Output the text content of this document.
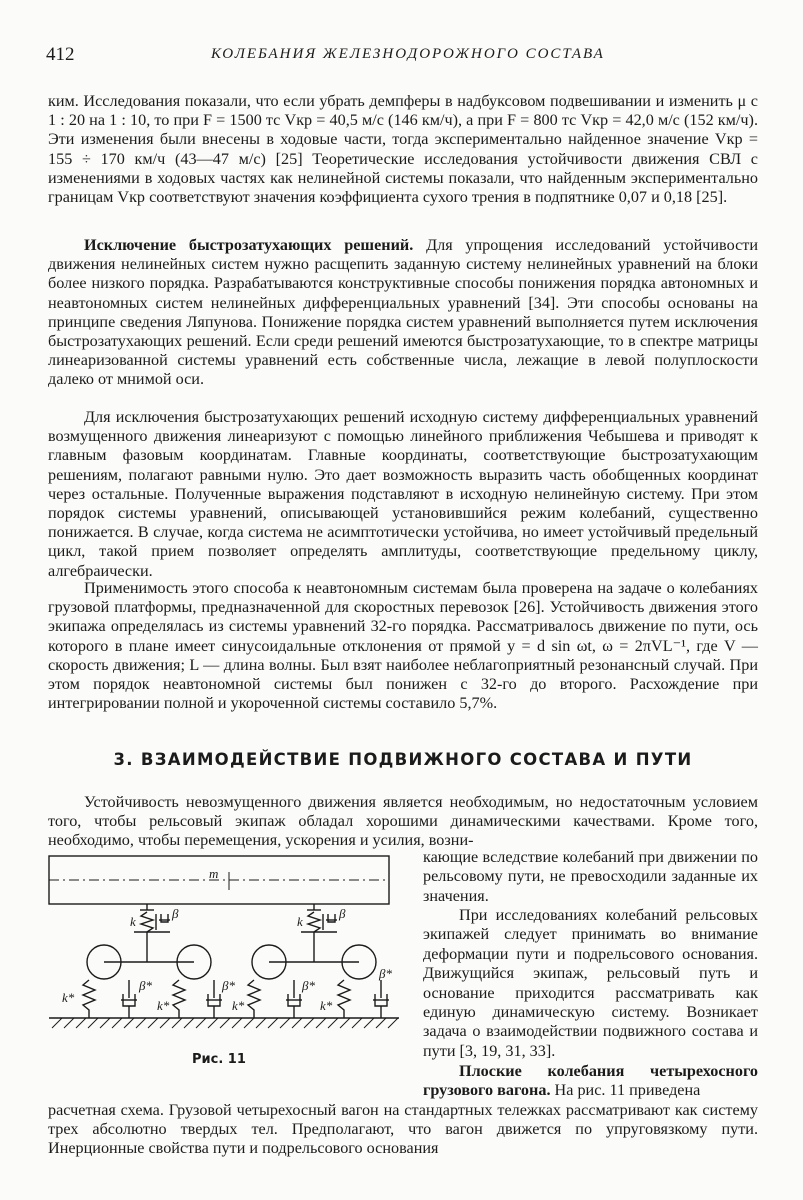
412	КОЛЕБАНИЯ ЖЕЛЕЗНОДОРОЖНОГО СОСТАВА

ким. Исследования показали, что если убрать демпферы в надбуксовом подвешивании и изменить μ с 1 : 20 на 1 : 10, то при F = 1500 тс Vкр = 40,5 м/с (146 км/ч), а при F = 800 тс Vкр = 42,0 м/с (152 км/ч). Эти изменения были внесены в ходовые части, тогда экспериментально найденное значение Vкр = 155 ÷ 170 км/ч (43—47 м/с) [25] Теоретические исследования устойчивости движения СВЛ с изменениями в ходовых частях как нелинейной системы показали, что найденным экспериментально границам Vкр соответствуют значения коэффициента сухого трения в подпятнике 0,07 и 0,18 [25].

Исключение быстрозатухающих решений. Для упрощения исследований устойчивости движения нелинейных систем нужно расщепить заданную систему нелинейных уравнений на блоки более низкого порядка. Разрабатываются конструктивные способы понижения порядка автономных и неавтономных систем нелинейных дифференциальных уравнений [34]. Эти способы основаны на принципе сведения Ляпунова. Понижение порядка систем уравнений выполняется путем исключения быстрозатухающих решений. Если среди решений имеются быстрозатухающие, то в спектре матрицы линеаризованной системы уравнений есть собственные числа, лежащие в левой полуплоскости далеко от мнимой оси.

Для исключения быстрозатухающих решений исходную систему дифференциальных уравнений возмущенного движения линеаризуют с помощью линейного приближения Чебышева и приводят к главным фазовым координатам. Главные координаты, соответствующие быстрозатухающим решениям, полагают равными нулю. Это дает возможность выразить часть обобщенных координат через остальные. Полученные выражения подставляют в исходную нелинейную систему. При этом порядок системы уравнений, описывающей установившийся режим колебаний, существенно понижается. В случае, когда система не асимптотически устойчива, но имеет устойчивый предельный цикл, такой прием позволяет определять амплитуды, соответствующие предельному циклу, алгебраически.

Применимость этого способа к неавтономным системам была проверена на задаче о колебаниях грузовой платформы, предназначенной для скоростных перевозок [26]. Устойчивость движения этого экипажа определялась из системы уравнений 32-го порядка. Рассматривалось движение по пути, ось которого в плане имеет синусоидальные отклонения от прямой y = d sin ωt, ω = 2πVL⁻¹, где V — скорость движения; L — длина волны. Был взят наиболее неблагоприятный резонансный случай. При этом порядок неавтономной системы был понижен с 32-го до второго. Расхождение при интегрировании полной и укороченной системы составило 5,7%.

3. ВЗАИМОДЕЙСТВИЕ ПОДВИЖНОГО СОСТАВА И ПУТИ

Устойчивость невозмущенного движения является необходимым, но недостаточным условием того, чтобы рельсовый экипаж обладал хорошими динамическими качествами. Кроме того, необходимо, чтобы перемещения, ускорения и усилия, возни-

m
k
β
k
β
k*
β*
k*
β*
k*
β*
k*
β*
Рис. 11

кающие вследствие колебаний при движении по рельсовому пути, не превосходили заданные их значения.

При исследованиях колебаний рельсовых экипажей следует принимать во внимание деформации пути и подрельсового основания. Движущийся экипаж, рельсовый путь и основание приходится рассматривать как единую динамическую систему. Возникает задача о взаимодействии подвижного состава и пути [3, 19, 31, 33].

Плоские колебания четырехосного грузового вагона. На рис. 11 приведена

расчетная схема. Грузовой четырехосный вагон на стандартных тележках рассматривают как систему трех абсолютно твердых тел. Предполагают, что вагон движется по упруговязкому пути. Инерционные свойства пути и подрельсового основания
